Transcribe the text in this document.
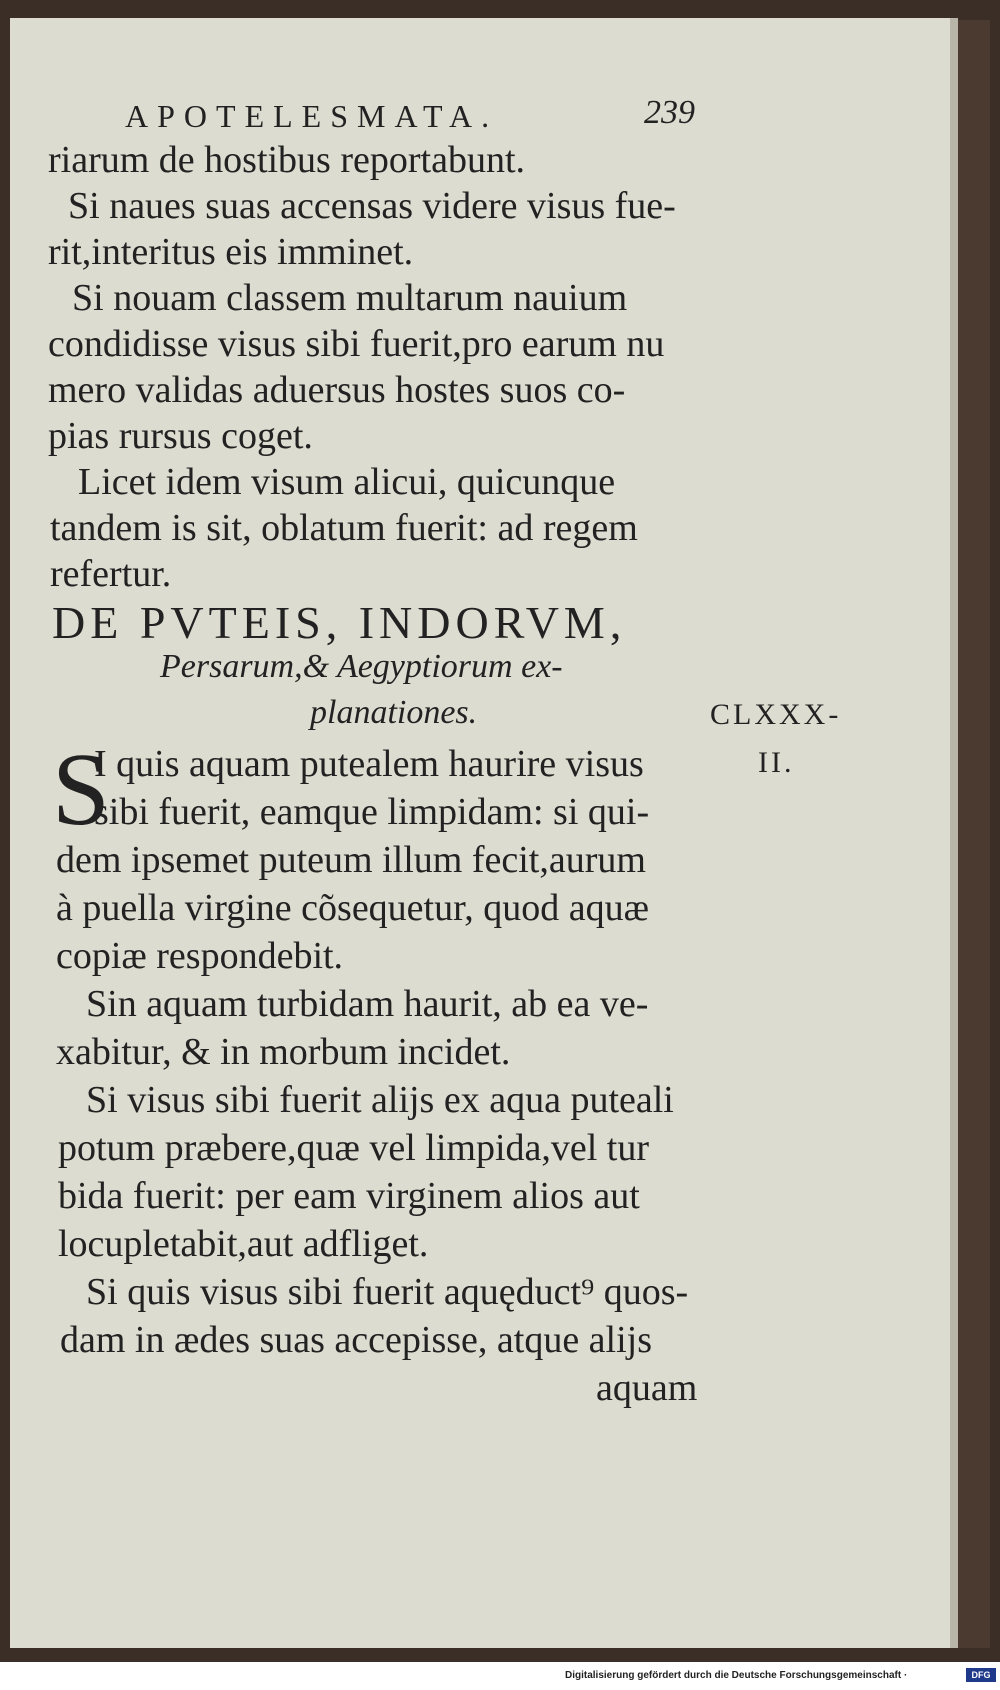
APOTELESMATA.	239
riarum de hostibus reportabunt.
Si naues suas accensas videre visus fue-
rit,interitus eis imminet.
Si nouam classem multarum nauium
condidisse visus sibi fuerit,pro earum nu
mero validas aduersus hostes suos co-
pias rursus coget.
Licet idem visum alicui, quicunque
tandem is sit, oblatum fuerit: ad regem
refertur.
DE PVTEIS, INDORVM,
Persarum,& Aegyptiorum ex-
planationes.	CLXXX-
II.
S
I quis aquam putealem haurire visus
sibi fuerit, eamque limpidam: si qui-
dem ipsemet puteum illum fecit,aurum
à puella virgine cõsequetur, quod aquæ
copiæ respondebit.
Sin aquam turbidam haurit, ab ea ve-
xabitur, & in morbum incidet.
Si visus sibi fuerit alijs ex aqua puteali
potum præbere,quæ vel limpida,vel tur
bida fuerit: per eam virginem alios aut
locupletabit,aut adfliget.
Si quis visus sibi fuerit aquęduct⁹ quos-
dam in ædes suas accepisse, atque alijs
aquam
Digitalisierung gefördert durch die Deutsche Forschungsgemeinschaft ·	DFG
